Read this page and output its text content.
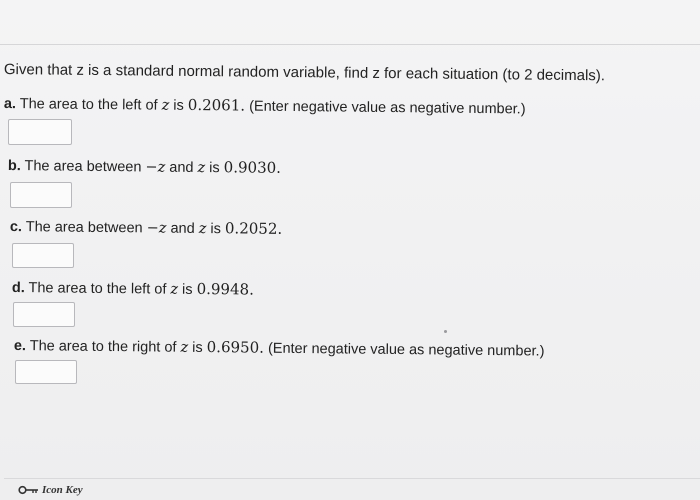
Given that z is a standard normal random variable, find z for each situation (to 2 decimals).
a. The area to the left of z is 0.2061. (Enter negative value as negative number.)
b. The area between −z and z is 0.9030.
c. The area between −z and z is 0.2052.
d. The area to the left of z is 0.9948.
e. The area to the right of z is 0.6950. (Enter negative value as negative number.)
Icon Key
